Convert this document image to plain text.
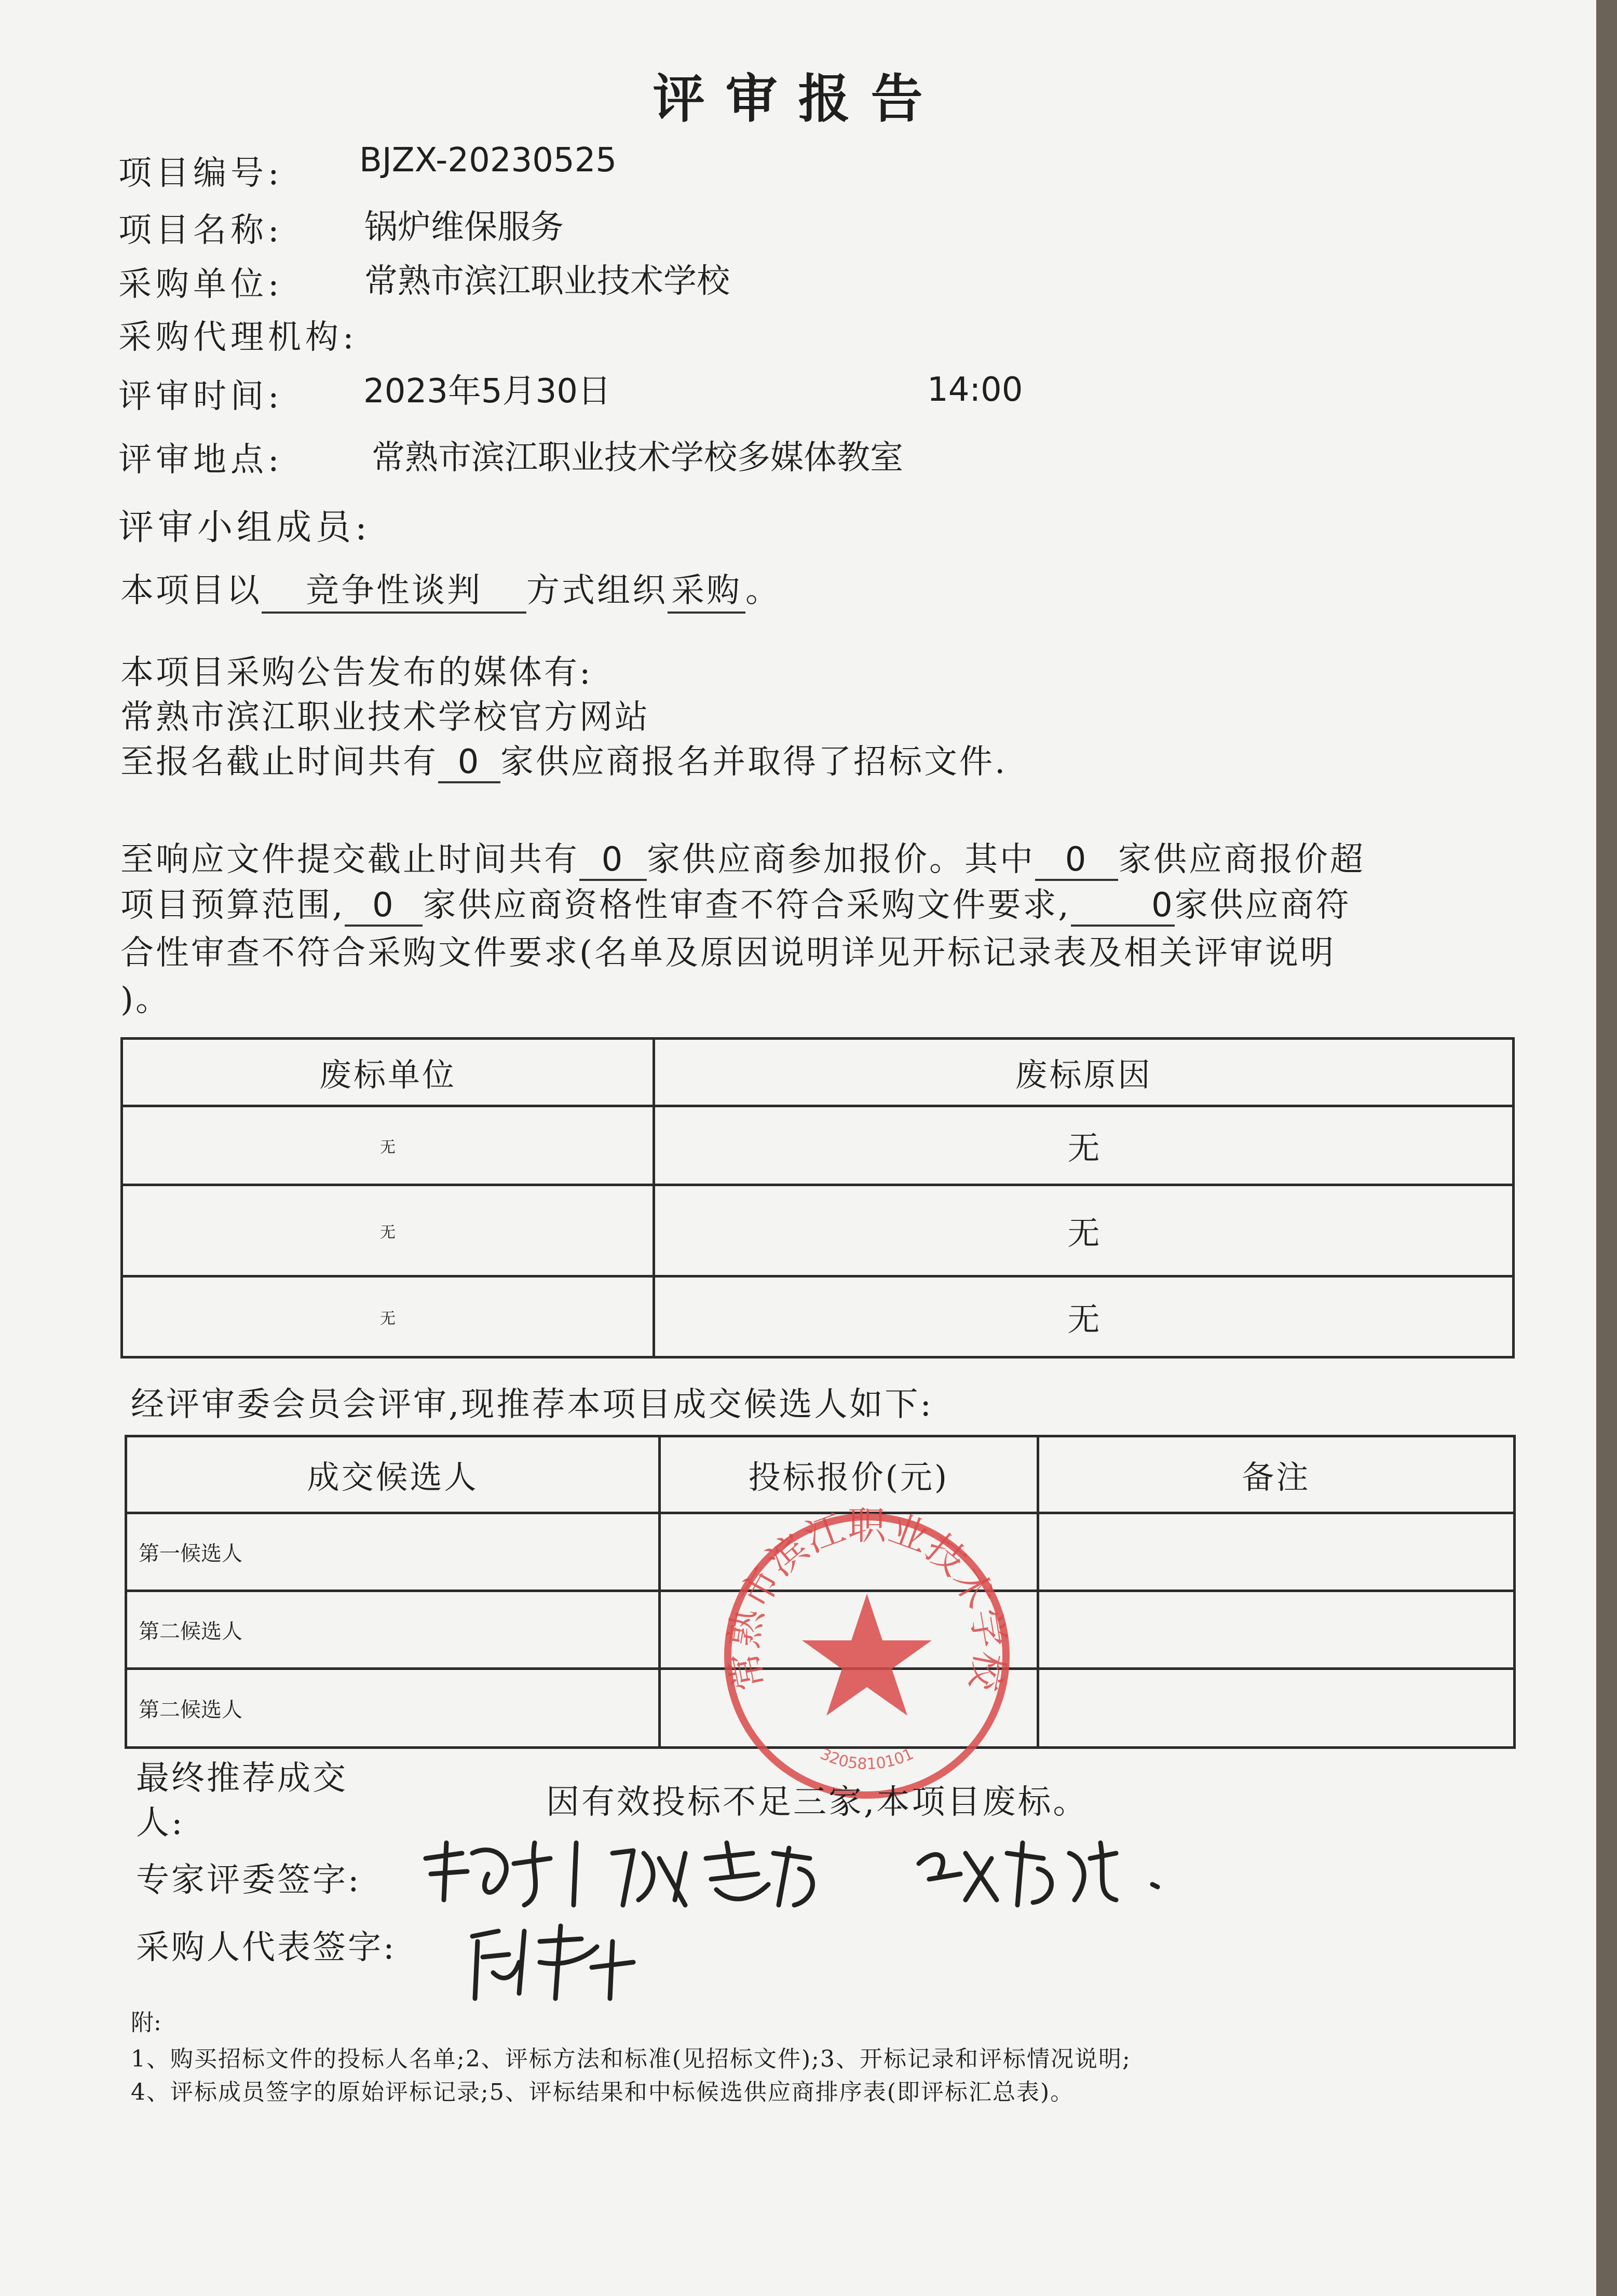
评审报告
项目编号: BJZX-20230525
项目名称: 锅炉维保服务
采购单位: 常熟市滨江职业技术学校
采购代理机构:
评审时间: 2023年5月30日	14:00
评审地点:	常熟市滨江职业技术学校多媒体教室
评审小组成员:
本项目以 竞争性谈判 方式组织 采购 。
本项目采购公告发布的媒体有:
常熟市滨江职业技术学校官方网站
至报名截止时间共有 0 家供应商报名并取得了招标文件.
至响应文件提交截止时间共有 0 家供应商参加报价。其中 0 家供应商报价超
项目预算范围, 0 家供应商资格性审查不符合采购文件要求, 0家供应商符
合性审查不符合采购文件要求(名单及原因说明详见开标记录表及相关评审说明
)。
废标单位	废标原因
无	无
无	无
无	无
经评审委会员会评审,现推荐本项目成交候选人如下:
成交候选人	投标报价(元)	备注
第一候选人		
第二候选人		
第二候选人		
常熟市滨江职业技术学校
3205810101
最终推荐成交
人:
因有效投标不足三家,本项目废标。
专家评委签字:
采购人代表签字:
附:
1、购买招标文件的投标人名单;2、评标方法和标准(见招标文件);3、开标记录和评标情况说明;
4、评标成员签字的原始评标记录;5、评标结果和中标候选供应商排序表(即评标汇总表)。
